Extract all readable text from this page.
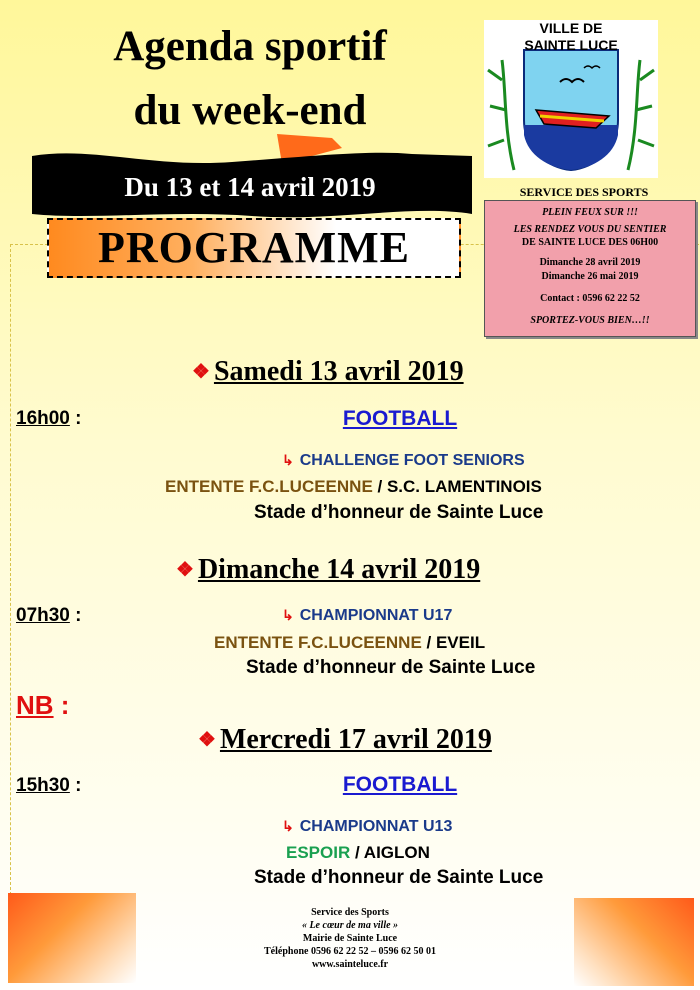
Agenda sportif
du week-end
Du 13 et 14 avril 2019
PROGRAMME
VILLE DE
SAINTE LUCE
SERVICE DES SPORTS
PLEIN FEUX SUR !!!
LES RENDEZ VOUS DU SENTIER
DE SAINTE LUCE DES 06H00
Dimanche 28 avril 2019
Dimanche 26 mai 2019
Contact : 0596 62 22 52
SPORTEZ-VOUS BIEN…!!
❖ Samedi 13 avril 2019
16h00 :	FOOTBALL
↳ CHALLENGE FOOT SENIORS
ENTENTE F.C.LUCEENNE / S.C. LAMENTINOIS
Stade d’honneur de Sainte Luce
❖ Dimanche 14 avril 2019
07h30 :	↳ CHAMPIONNAT U17
ENTENTE F.C.LUCEENNE / EVEIL
Stade d’honneur de Sainte Luce
NB :
❖ Mercredi 17 avril 2019
15h30 :	FOOTBALL
↳ CHAMPIONNAT U13
ESPOIR / AIGLON
Stade d’honneur de Sainte Luce
Service des Sports
« Le cœur de ma ville »
Mairie de Sainte Luce
Téléphone 0596 62 22 52 – 0596 62 50 01
www.sainteluce.fr
